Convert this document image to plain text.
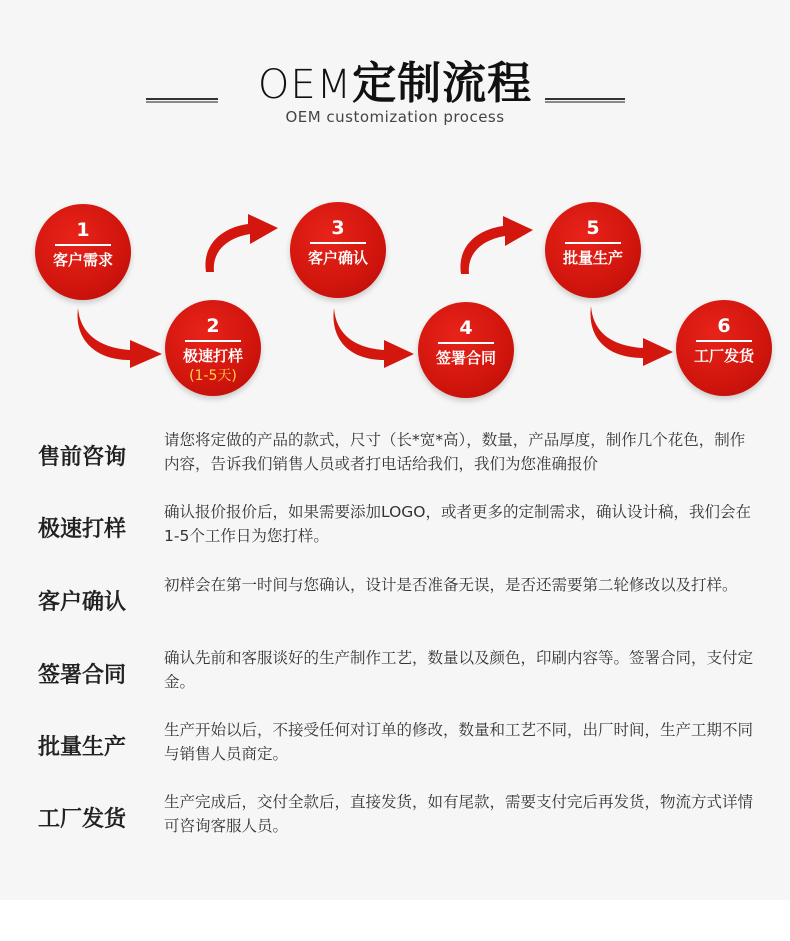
OEM定制流程
OEM customization process
1
客户需求
2
极速打样
(1-5天)
3
客户确认
4
签署合同
5
批量生产
6
工厂发货
售前咨询
请您将定做的产品的款式，尺寸（长*宽*高），数量，产品厚度，制作几个花色，制作内容，告诉我们销售人员或者打电话给我们，我们为您准确报价
极速打样
确认报价报价后，如果需要添加LOGO，或者更多的定制需求，确认设计稿，我们会在1-5个工作日为您打样。
客户确认
初样会在第一时间与您确认，设计是否准备无误，是否还需要第二轮修改以及打样。
签署合同
确认先前和客服谈好的生产制作工艺，数量以及颜色，印刷内容等。签署合同，支付定金。
批量生产
生产开始以后，不接受任何对订单的修改，数量和工艺不同，出厂时间，生产工期不同与销售人员商定。
工厂发货
生产完成后，交付全款后，直接发货，如有尾款，需要支付完后再发货，物流方式详情可咨询客服人员。
